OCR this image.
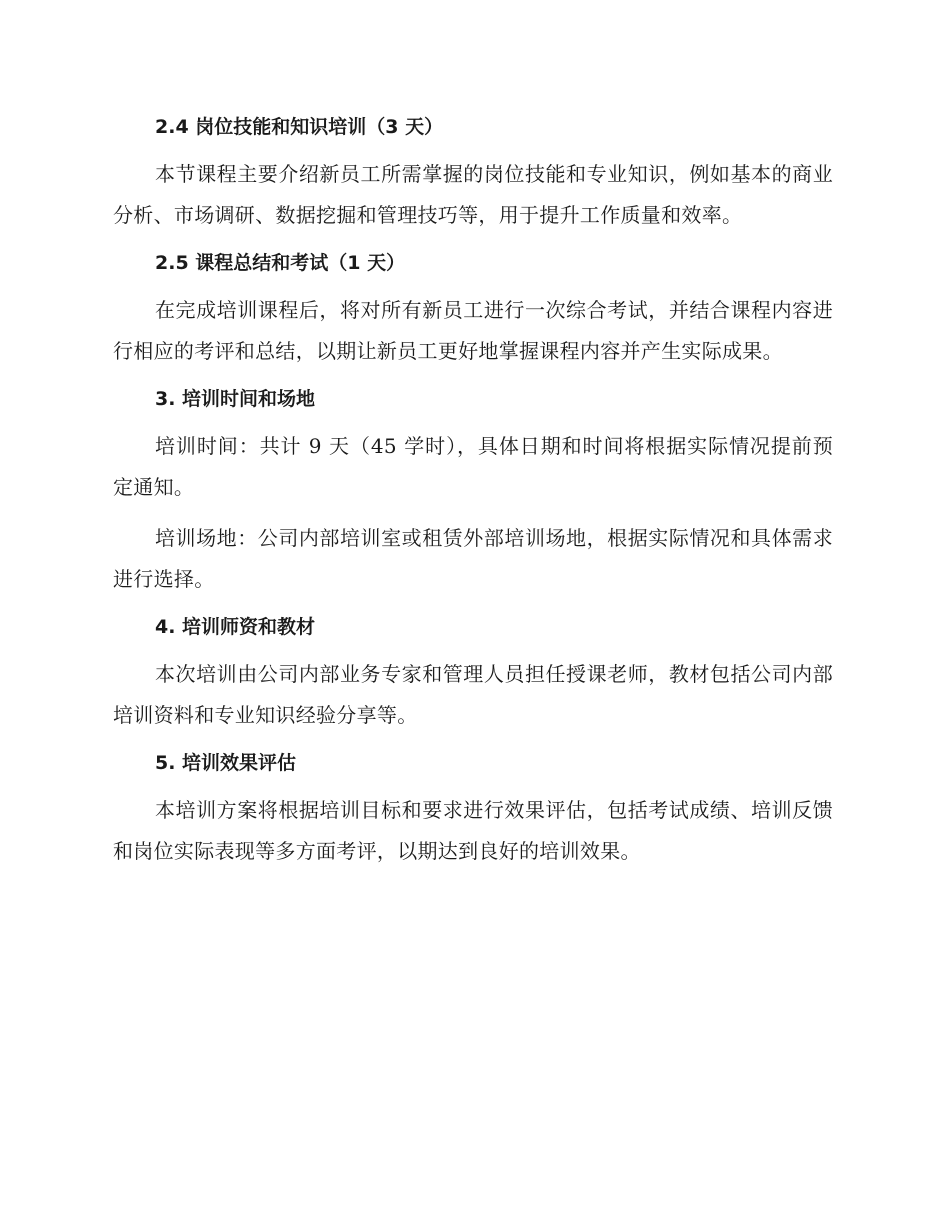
2.4 岗位技能和知识培训（3 天）

本节课程主要介绍新员工所需掌握的岗位技能和专业知识，例如基本的商业分析、市场调研、数据挖掘和管理技巧等，用于提升工作质量和效率。

2.5 课程总结和考试（1 天）

在完成培训课程后，将对所有新员工进行一次综合考试，并结合课程内容进行相应的考评和总结，以期让新员工更好地掌握课程内容并产生实际成果。

3. 培训时间和场地

培训时间：共计 9 天（45 学时），具体日期和时间将根据实际情况提前预定通知。

培训场地：公司内部培训室或租赁外部培训场地，根据实际情况和具体需求进行选择。

4. 培训师资和教材

本次培训由公司内部业务专家和管理人员担任授课老师，教材包括公司内部培训资料和专业知识经验分享等。

5. 培训效果评估

本培训方案将根据培训目标和要求进行效果评估，包括考试成绩、培训反馈和岗位实际表现等多方面考评，以期达到良好的培训效果。
